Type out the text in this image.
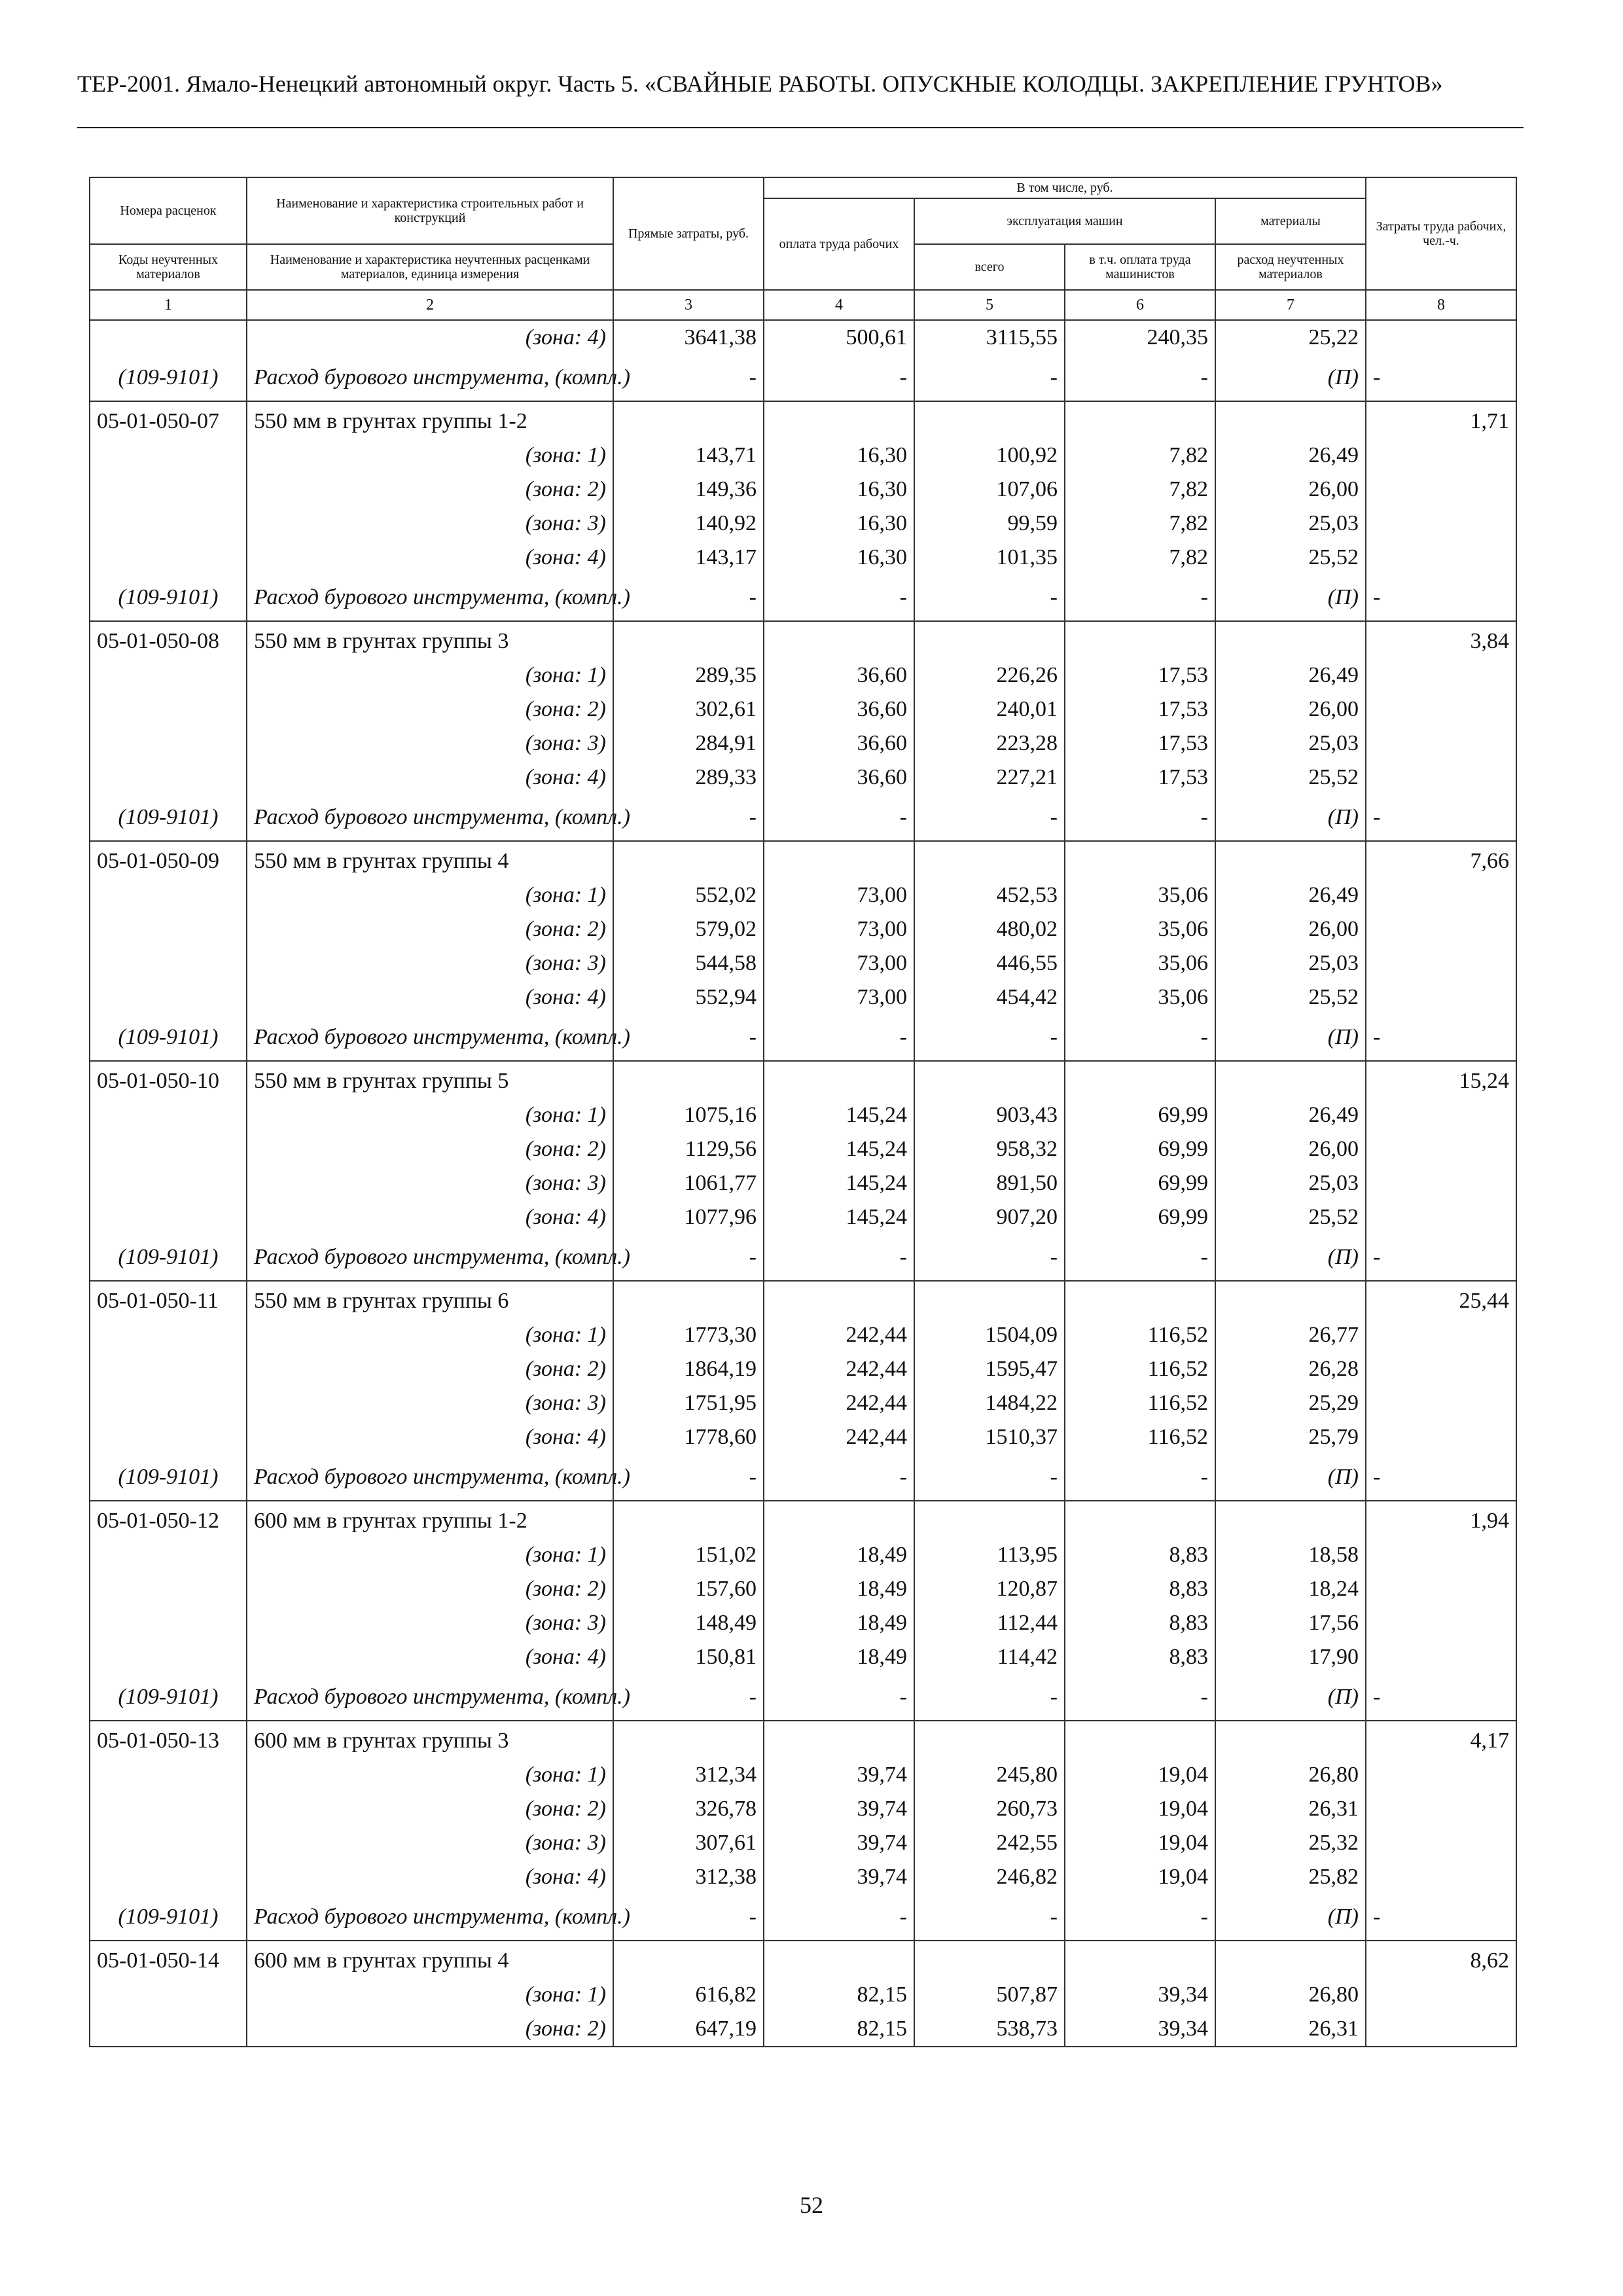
ТЕР-2001. Ямало-Ненецкий автономный округ. Часть 5. «СВАЙНЫЕ РАБОТЫ. ОПУСКНЫЕ КОЛОДЦЫ. ЗАКРЕПЛЕНИЕ ГРУНТОВ»
Номера расценок	Наименование и характеристика строительных работ и конструкций	Прямые затраты, руб.	В том числе, руб.				Затраты труда рабочих, чел.-ч.
			оплата труда рабочих	эксплуатация машин		материалы	
Коды неучтенных материалов	Наименование и характеристика неучтенных расценками материалов, единица измерения			всего	в т.ч. оплата труда машинистов	расход неучтенных материалов	
1	2	3	4	5	6	7	8
	(зона: 4)	3641,38	500,61	3115,55	240,35	25,22	
(109-9101)	Расход бурового инструмента, (компл.)	-	-	-	-	(П)	-
05-01-050-07	550 мм в грунтах группы 1-2						1,71
	(зона: 1)	143,71	16,30	100,92	7,82	26,49	
	(зона: 2)	149,36	16,30	107,06	7,82	26,00	
	(зона: 3)	140,92	16,30	99,59	7,82	25,03	
	(зона: 4)	143,17	16,30	101,35	7,82	25,52	
(109-9101)	Расход бурового инструмента, (компл.)	-	-	-	-	(П)	-
05-01-050-08	550 мм в грунтах группы 3						3,84
	(зона: 1)	289,35	36,60	226,26	17,53	26,49	
	(зона: 2)	302,61	36,60	240,01	17,53	26,00	
	(зона: 3)	284,91	36,60	223,28	17,53	25,03	
	(зона: 4)	289,33	36,60	227,21	17,53	25,52	
(109-9101)	Расход бурового инструмента, (компл.)	-	-	-	-	(П)	-
05-01-050-09	550 мм в грунтах группы 4						7,66
	(зона: 1)	552,02	73,00	452,53	35,06	26,49	
	(зона: 2)	579,02	73,00	480,02	35,06	26,00	
	(зона: 3)	544,58	73,00	446,55	35,06	25,03	
	(зона: 4)	552,94	73,00	454,42	35,06	25,52	
(109-9101)	Расход бурового инструмента, (компл.)	-	-	-	-	(П)	-
05-01-050-10	550 мм в грунтах группы 5						15,24
	(зона: 1)	1075,16	145,24	903,43	69,99	26,49	
	(зона: 2)	1129,56	145,24	958,32	69,99	26,00	
	(зона: 3)	1061,77	145,24	891,50	69,99	25,03	
	(зона: 4)	1077,96	145,24	907,20	69,99	25,52	
(109-9101)	Расход бурового инструмента, (компл.)	-	-	-	-	(П)	-
05-01-050-11	550 мм в грунтах группы 6						25,44
	(зона: 1)	1773,30	242,44	1504,09	116,52	26,77	
	(зона: 2)	1864,19	242,44	1595,47	116,52	26,28	
	(зона: 3)	1751,95	242,44	1484,22	116,52	25,29	
	(зона: 4)	1778,60	242,44	1510,37	116,52	25,79	
(109-9101)	Расход бурового инструмента, (компл.)	-	-	-	-	(П)	-
05-01-050-12	600 мм в грунтах группы 1-2						1,94
	(зона: 1)	151,02	18,49	113,95	8,83	18,58	
	(зона: 2)	157,60	18,49	120,87	8,83	18,24	
	(зона: 3)	148,49	18,49	112,44	8,83	17,56	
	(зона: 4)	150,81	18,49	114,42	8,83	17,90	
(109-9101)	Расход бурового инструмента, (компл.)	-	-	-	-	(П)	-
05-01-050-13	600 мм в грунтах группы 3						4,17
	(зона: 1)	312,34	39,74	245,80	19,04	26,80	
	(зона: 2)	326,78	39,74	260,73	19,04	26,31	
	(зона: 3)	307,61	39,74	242,55	19,04	25,32	
	(зона: 4)	312,38	39,74	246,82	19,04	25,82	
(109-9101)	Расход бурового инструмента, (компл.)	-	-	-	-	(П)	-
05-01-050-14	600 мм в грунтах группы 4						8,62
	(зона: 1)	616,82	82,15	507,87	39,34	26,80	
	(зона: 2)	647,19	82,15	538,73	39,34	26,31	
52
